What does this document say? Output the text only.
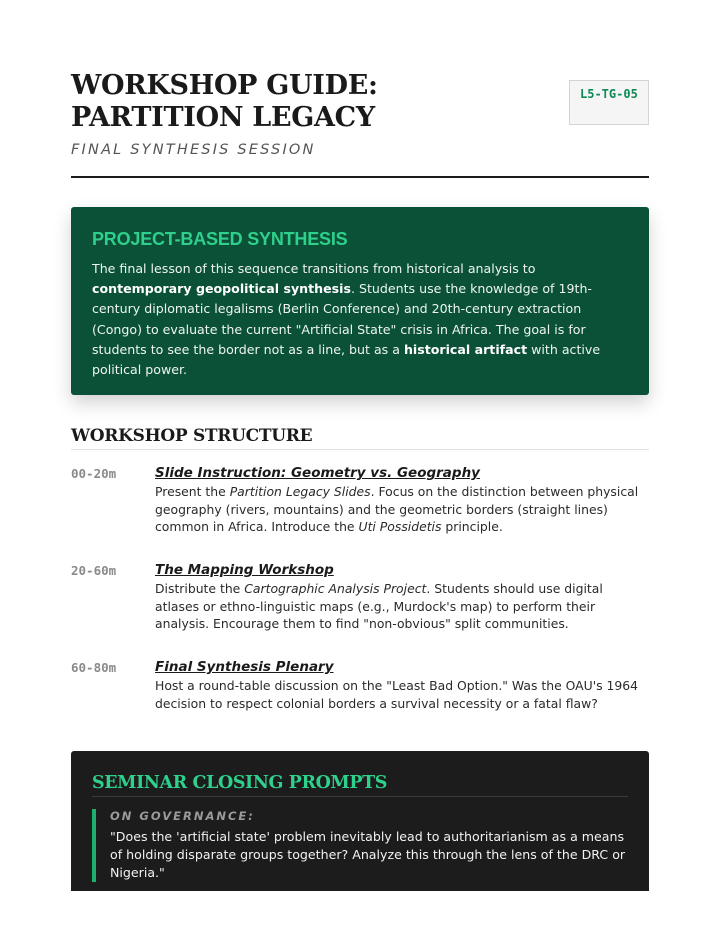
WORKSHOP GUIDE: PARTITION LEGACY
FINAL SYNTHESIS SESSION
L5-TG-05
PROJECT-BASED SYNTHESIS

The final lesson of this sequence transitions from historical analysis to contemporary geopolitical synthesis. Students use the knowledge of 19th-century diplomatic legalisms (Berlin Conference) and 20th-century extraction (Congo) to evaluate the current "Artificial State" crisis in Africa. The goal is for students to see the border not as a line, but as a historical artifact with active political power.

WORKSHOP STRUCTURE
00-20m	Slide Instruction: Geometry vs. Geography
Present the Partition Legacy Slides. Focus on the distinction between physical geography (rivers, mountains) and the geometric borders (straight lines) common in Africa. Introduce the Uti Possidetis principle.
20-60m	The Mapping Workshop
Distribute the Cartographic Analysis Project. Students should use digital atlases or ethno-linguistic maps (e.g., Murdock's map) to perform their analysis. Encourage them to find "non-obvious" split communities.
60-80m	Final Synthesis Plenary
Host a round-table discussion on the "Least Bad Option." Was the OAU's 1964 decision to respect colonial borders a survival necessity or a fatal flaw?
SEMINAR CLOSING PROMPTS
ON GOVERNANCE:
"Does the 'artificial state' problem inevitably lead to authoritarianism as a means of holding disparate groups together? Analyze this through the lens of the DRC or Nigeria."
